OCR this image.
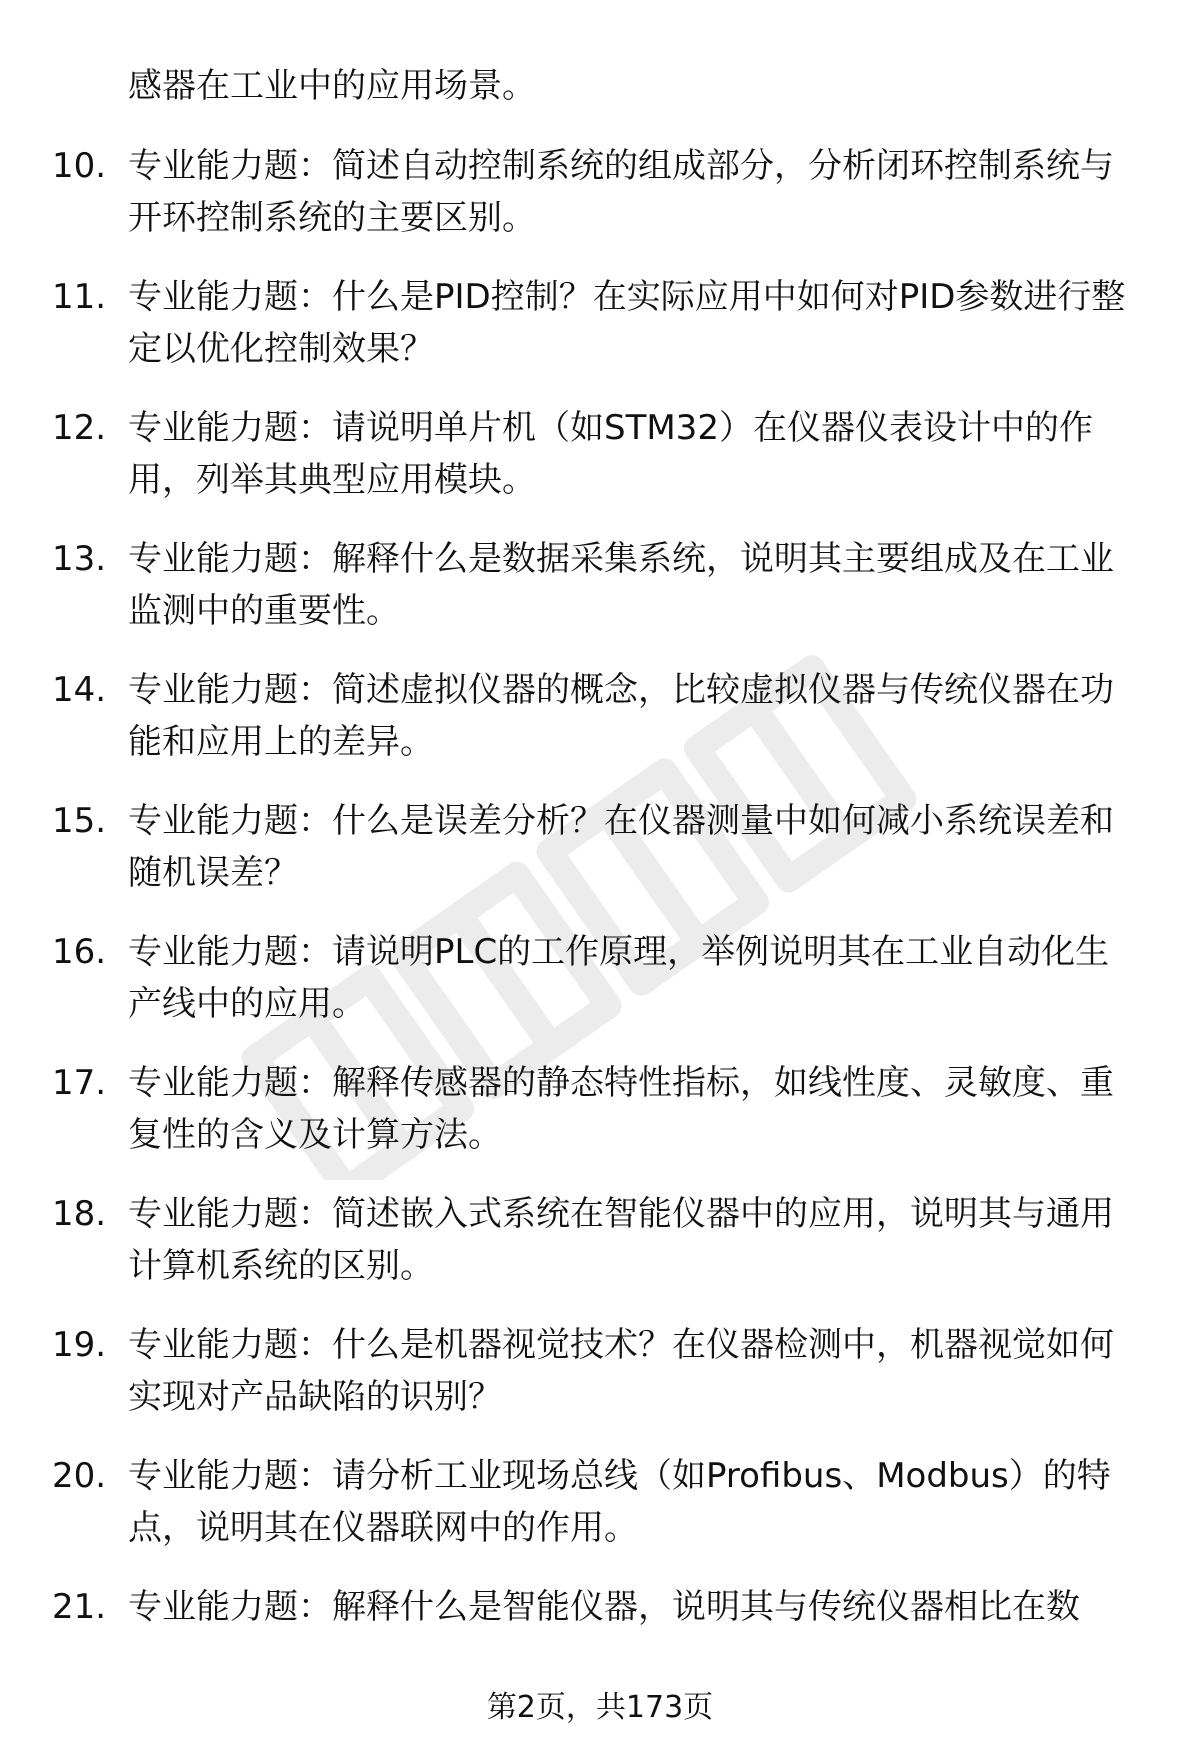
感器在工业中的应用场景。
10. 专业能力题：简述自动控制系统的组成部分，分析闭环控制系统与开环控制系统的主要区别。
11. 专业能力题：什么是PID控制？在实际应用中如何对PID参数进行整定以优化控制效果？
12. 专业能力题：请说明单片机（如STM32）在仪器仪表设计中的作用，列举其典型应用模块。
13. 专业能力题：解释什么是数据采集系统，说明其主要组成及在工业监测中的重要性。
14. 专业能力题：简述虚拟仪器的概念，比较虚拟仪器与传统仪器在功能和应用上的差异。
15. 专业能力题：什么是误差分析？在仪器测量中如何减小系统误差和随机误差？
16. 专业能力题：请说明PLC的工作原理，举例说明其在工业自动化生产线中的应用。
17. 专业能力题：解释传感器的静态特性指标，如线性度、灵敏度、重复性的含义及计算方法。
18. 专业能力题：简述嵌入式系统在智能仪器中的应用，说明其与通用计算机系统的区别。
19. 专业能力题：什么是机器视觉技术？在仪器检测中，机器视觉如何实现对产品缺陷的识别？
20. 专业能力题：请分析工业现场总线（如Profibus、Modbus）的特点，说明其在仪器联网中的作用。
21. 专业能力题：解释什么是智能仪器，说明其与传统仪器相比在数
第2页，共173页
